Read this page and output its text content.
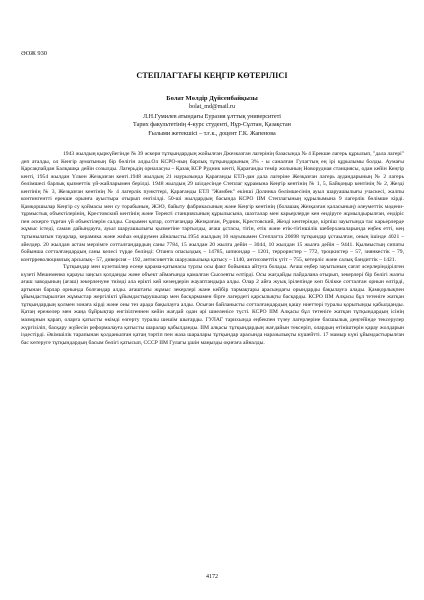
ӘОЖ 930
СТЕПЛАГТАҒЫ КЕҢГІР КӨТЕРІЛІСІ
Болат Мөлдір Дүйсенбайқызы
bolat_md@mail.ru
Л.Н.Гумилев атындағы Еуразия ұлттық университеті
Тарих факультетінің 4-курс студенті, Нұр-Сұлтан, Қазақстан
Ғылыми жетекшісі – т.ғ.к., доцент Г.К. Жапенова

1943 жылдың қыркүйегінде № 39 әскери тұтқындардың жойылған Джезказган лагерінің базасында № 4 Ерекше лагерь құрылып, "дала лагері" деп аталды, ол Кенгір ауматының бір бөлігін алды.Ол КСРО-ның барлық тұтқындарының 3% - ы саналған Гулагтың ең ірі құрылымы болды. Аумағы Қарсақпайдан Балқашқа дейін созылды. Лагерьдің орналасуы – Қазақ КСР Рудник кенті, Қарағанды темір жолының Новорудная станциясы, одан кейін Кеңгір кенті, 1954 жылдан Үлкен Жезқазған кенті.1948 жылдың 21 наурызында Қарағанды ЕТЛ-дан дала лагеріне Жезқазған лагерь аудандарының № 2 лагерь бөлімшесі барлық қызметтік үй-жайларымен берілді. 1948 жылдың 29 шілдесінде Степлаг құрамына Кеңгір кентінің № 1, 5, Байқоңыр кентінің № 2, Жезді кентінің № 3, Жезқазған кентінің № 4 лагерлік пункттері, Қарағанды ЕТЛ "Жәмбек" екінші Долинка бөлімшесінің ауыл шаруашылығы учаскесі, жалпы контингентті ерекше орынға ауыстыра отырып енгізілді. 50-ші жылдардың басында КСРО ІІМ Степлагының құрылымына 9 лагерлік бөлімше кірді. Қамқоршылар Кеңгір су қоймасы мен су торабының, ЖЭО, байыту фабрикасының және Кеңгір кентінің (болашақ Жезқазған қаласының) әлеуметтік мәдени-тұрмыстық объектілерінің, Крестовский кентінің және Теректі станциясының құрылысына, шахталар мен карьерлерде кен өндіруге жұмылдырылған, ендіріс пен әскерге тұрған үй объектілерін салды. Соқымен қатар, соттағандар Жезқазған, Рудник, Крестовский, Жезді кентерінде, кірпіш зауытында тас карьерлерде жұмыс істеді, саман дайындауға, ауыл шаруашылығы қызметіне тартылды, ағаш ұстасы, тігін, етік және етік-тігіншілік шеберханаларында еңбек етті, кең тұтынылатын тауарлар, керамика және жиһаз өндірумен айналысты.1954 жылдың 10 науызымен Степлагта 20698 тұтқындар ұстаылған, оның ішінде 4021 – әйелдер. 20 жылдан астам мерзімге сотталғандардың саны 7784, 15 жылдан 20 жылға дейін – 3044, 10 жылдан 15 жылға дейін – 9441. Қылмыстың сипаты бойынша сотталғандардың саны келесі түрде бөлінді: Отанға опасыздық – 14785, шпиондар – 1201, террористер – 772, троцкистер – 57, зиянкестік – 79, контрреволюциялық арсылық– 57, диверсия – 192, антисоветтік шаруашылықа қатысу – 1140, антисоветтік үгіт – 755, кетерліс және салық бандиттік – 1421.

Тұтқындар мен күзетшілер есеңе қарама-қатынасы турлы осы факт бойынша айтуға болады. Ағаш еңбер зауытының сағат әсерлеріндірілген күзеті Мешеменко қарауы заңсыз қолданды және объект аймағында қамалған Сысоевты өлтірді. Осы жағдайды пайдалана отырып, зекерлері бір бөлігі жазғы ағаш заводының (ағаш) зекерленуне тиімді ала ерікті кей кезеңдерін жауаптандыра алды. Олар 2 айға жуық ірілепінде көп білікке сотталған орнын өлтірді, артынан барлар орнында болғандар алды. ағаштағы жұмыс зекерлері жане кейбір тармақтары арасындағы орындарды бақылауға алады. Қамқорлықпен ұйымдастырылған жұмыстар жергілікті ұйымдастырушылар мен басқармамен бірге лагердегі қарсылықты басқарды. КСРО ІІМ Алқасы бұл тетеніге жатқан тұтқындардың қолмен зонаға кірді және оны тез арада бақылауға алды. Осыған байланысты сотталғандардың қашу ниеттері туралы қорытынды қабылданды. Қатаң ережелер мен жаңа бұйрықтар енгізілгеннен кейін жағдай одан әрі шиеленісе түсті. КСРО ІІМ Алқасы бұл тетеніге жатқан тұтқындардың ісінің мазмұнын қарап, оларға қатысты өкімді өзгерту туралы шешім шығарды. ГУЛАГ тарихында еңбекпен түзеу лагерлеріне басшылық деңгейінде тексерулер жүргізіліп, басқару жүйесін реформалауға қатысты шаралар қабылданды. ІІМ алқасы тұтқындардың жағдайын тексеріп, олардың өтініштерін қарау жолдарын іздестірді. Әкімшілік тарапынан қолданылған қатаң тәртіп пен жаза шаралары тұтқындар арасында наразылықты күшейтті. 17 мамыр күні ұйымдастырылған бас көтеруге тұтқындардың басым бөлігі қатысып, СССР ІІМ Гулагы ұшін маңызды оқиғаға айналды.

4172
